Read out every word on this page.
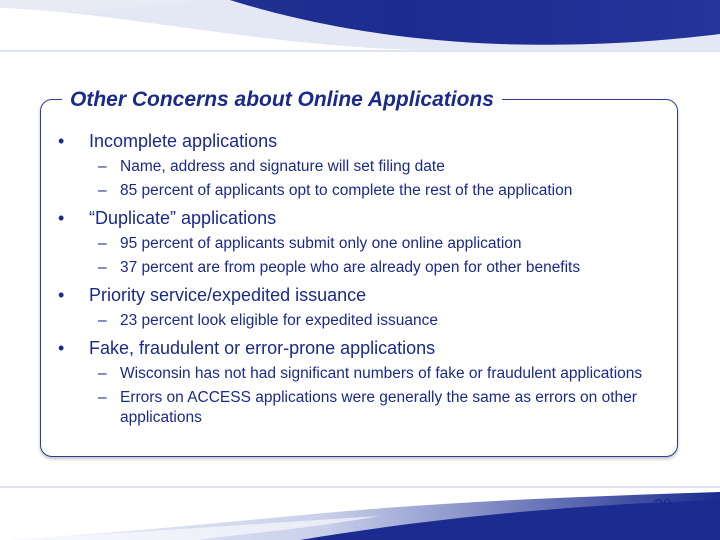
Other Concerns about Online Applications
• Incomplete applications
– Name, address and signature will set filing date
– 85 percent of applicants opt to complete the rest of the application
• “Duplicate” applications
– 95 percent of applicants submit only one online application
– 37 percent are from people who are already open for other benefits
• Priority service/expedited issuance
– 23 percent look eligible for expedited issuance
• Fake, fraudulent or error-prone applications
– Wisconsin has not had significant numbers of fake or fraudulent applications
– Errors on ACCESS applications were generally the same as errors on other applications
20
